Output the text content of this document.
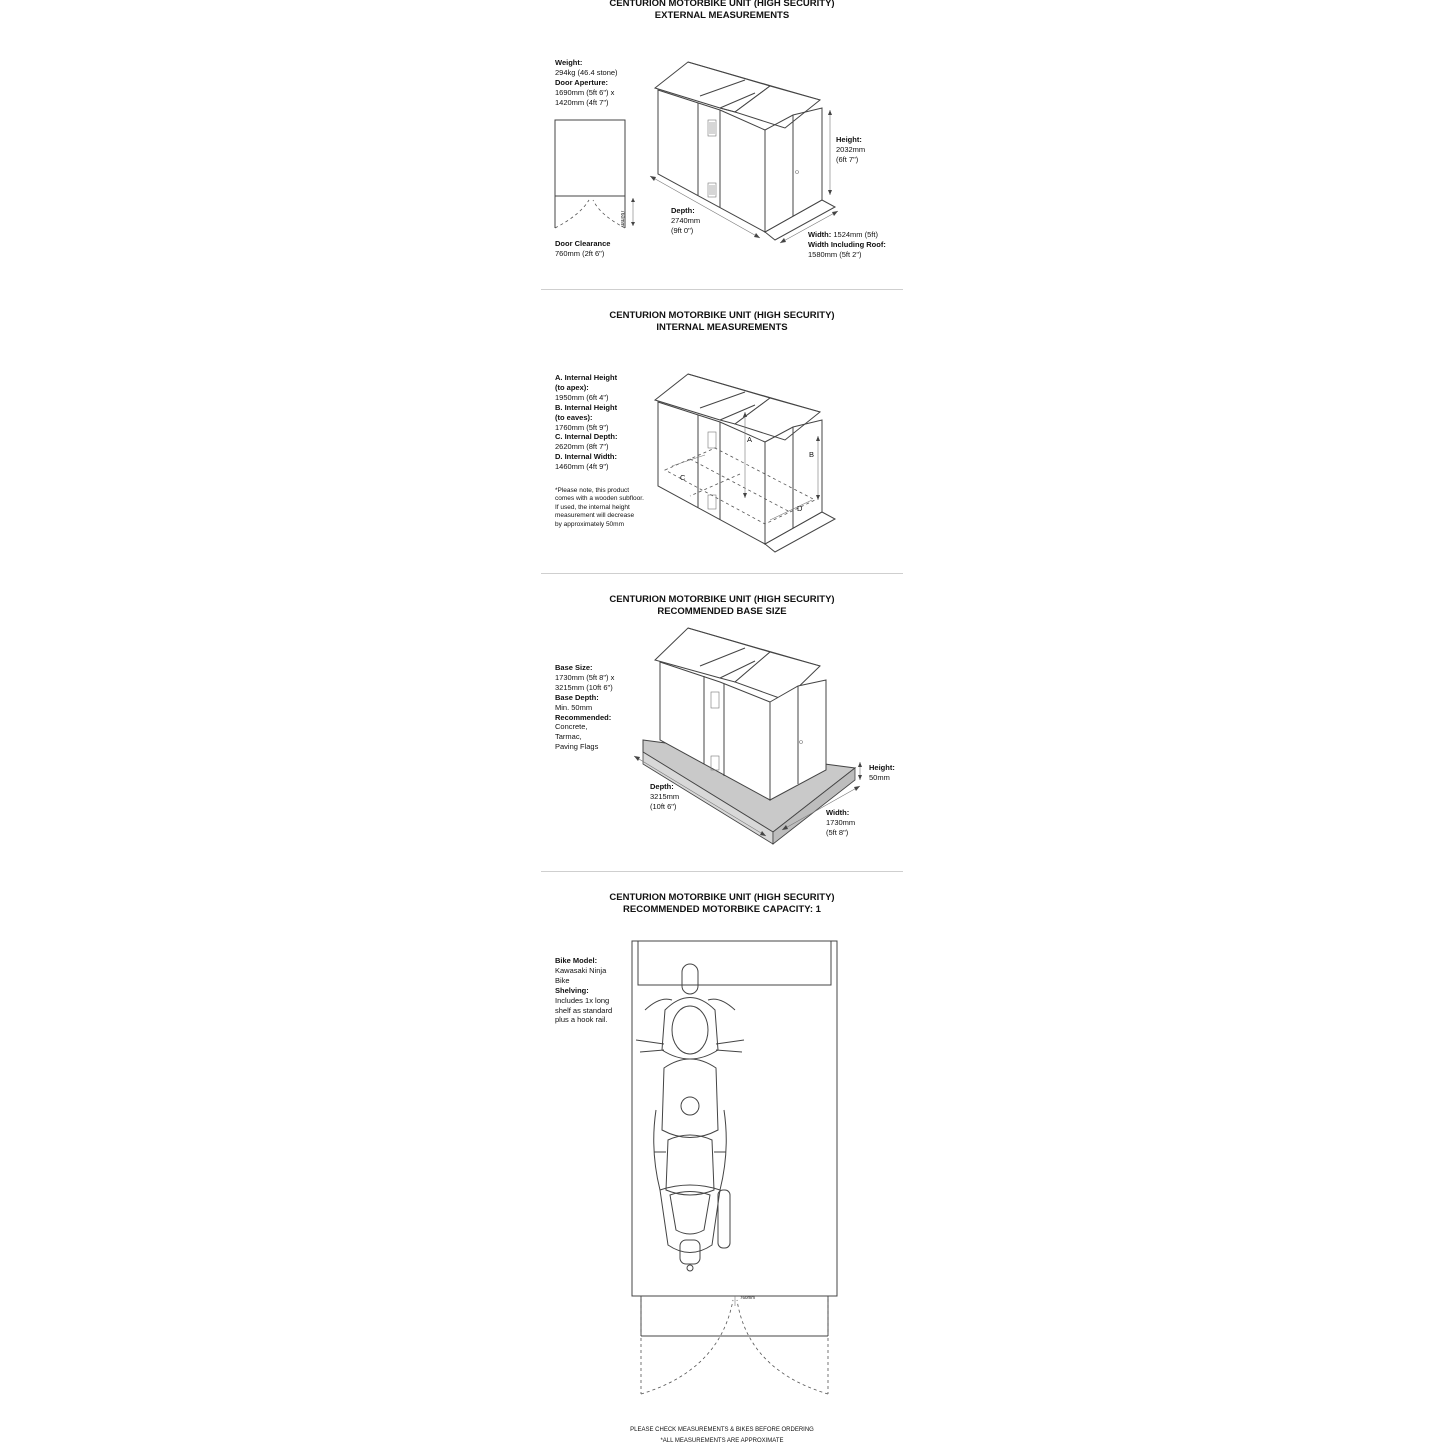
CENTURION MOTORBIKE UNIT (HIGH SECURITY)
EXTERNAL MEASUREMENTS
Weight:
294kg (46.4 stone)
Door Aperture:
1690mm (5ft 6") x
1420mm (4ft 7")
Door Clearance
760mm (2ft 6")
Depth:
2740mm
(9ft 0")
Height:
2032mm
(6ft 7")
Width: 1524mm (5ft)
Width Including Roof:
1580mm (5ft 2")
760mm
CENTURION MOTORBIKE UNIT (HIGH SECURITY)
INTERNAL MEASUREMENTS
A. Internal Height
(to apex):
1950mm (6ft 4")
B. Internal Height
(to eaves):
1760mm (5ft 9")
C. Internal Depth:
2620mm (8ft 7")
D. Internal Width:
1460mm (4ft 9")
*Please note, this product
comes with a wooden subfloor.
If used, the internal height
measurement will decrease
by approximately 50mm
A
B
C
D
CENTURION MOTORBIKE UNIT (HIGH SECURITY)
RECOMMENDED BASE SIZE
Base Size:
1730mm (5ft 8") x
3215mm (10ft 6")
Base Depth:
Min. 50mm
Recommended:
Concrete,
Tarmac,
Paving Flags
Height:
50mm
Depth:
3215mm
(10ft 6")
Width:
1730mm
(5ft 8")
CENTURION MOTORBIKE UNIT (HIGH SECURITY)
RECOMMENDED MOTORBIKE CAPACITY: 1
Bike Model:
Kawasaki Ninja
Bike
Shelving:
Includes 1x long
shelf as standard
plus a hook rail.
760mm
PLEASE CHECK MEASUREMENTS & BIKES BEFORE ORDERING
*ALL MEASUREMENTS ARE APPROXIMATE
